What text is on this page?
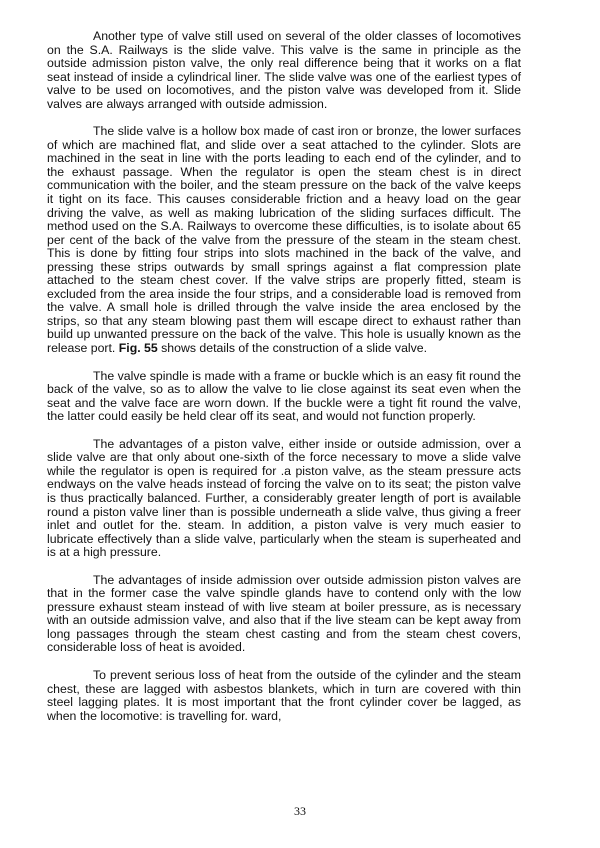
Another type of valve still used on several of the older classes of locomotives on the S.A. Railways is the slide valve. This valve is the same in principle as the outside admission piston valve, the only real difference being that it works on a flat seat instead of inside a cylindrical liner. The slide valve was one of the earliest types of valve to be used on locomotives, and the piston valve was developed from it. Slide valves are always arranged with outside admission.

The slide valve is a hollow box made of cast iron or bronze, the lower surfaces of which are machined flat, and slide over a seat attached to the cylinder. Slots are machined in the seat in line with the ports leading to each end of the cylinder, and to the exhaust passage. When the regulator is open the steam chest is in direct communication with the boiler, and the steam pressure on the back of the valve keeps it tight on its face. This causes considerable friction and a heavy load on the gear driving the valve, as well as making lubrication of the sliding surfaces difficult. The method used on the S.A. Railways to overcome these difficulties, is to isolate about 65 per cent of the back of the valve from the pressure of the steam in the steam chest. This is done by fitting four strips into slots machined in the back of the valve, and pressing these strips outwards by small springs against a flat compression plate attached to the steam chest cover. If the valve strips are properly fitted, steam is excluded from the area inside the four strips, and a considerable load is removed from the valve. A small hole is drilled through the valve inside the area enclosed by the strips, so that any steam blowing past them will escape direct to exhaust rather than build up unwanted pressure on the back of the valve. This hole is usually known as the release port. Fig. 55 shows details of the construction of a slide valve.

The valve spindle is made with a frame or buckle which is an easy fit round the back of the valve, so as to allow the valve to lie close against its seat even when the seat and the valve face are worn down. If the buckle were a tight fit round the valve, the latter could easily be held clear off its seat, and would not function properly.

The advantages of a piston valve, either inside or outside admission, over a slide valve are that only about one-sixth of the force necessary to move a slide valve while the regulator is open is required for .a piston valve, as the steam pressure acts endways on the valve heads instead of forcing the valve on to its seat; the piston valve is thus practically balanced. Further, a considerably greater length of port is available round a piston valve liner than is possible underneath a slide valve, thus giving a freer inlet and outlet for the. steam. In addition, a piston valve is very much easier to lubricate effectively than a slide valve, particularly when the steam is superheated and is at a high pressure.

The advantages of inside admission over outside admission piston valves are that in the former case the valve spindle glands have to contend only with the low pressure exhaust steam instead of with live steam at boiler pressure, as is necessary with an outside admission valve, and also that if the live steam can be kept away from long passages through the steam chest casting and from the steam chest covers, considerable loss of heat is avoided.

To prevent serious loss of heat from the outside of the cylinder and the steam chest, these are lagged with asbestos blankets, which in turn are covered with thin steel lagging plates. It is most important that the front cylinder cover be lagged, as when the locomotive: is travelling for. ward,

33
